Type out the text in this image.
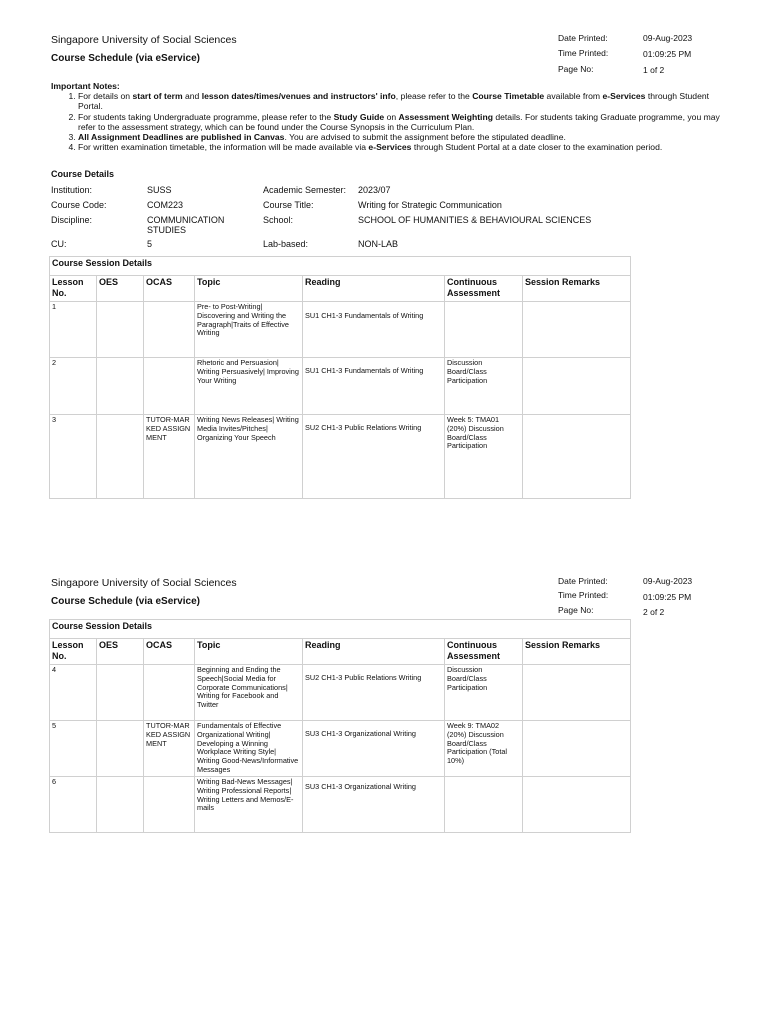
Singapore University of Social Sciences
Course Schedule (via eService)
Date Printed:	09-Aug-2023
Time Printed:	01:09:25 PM
Page No:	1 of 2
Important Notes:
1. For details on start of term and lesson dates/times/venues and instructors' info, please refer to the Course Timetable available from e-Services through Student Portal.
2. For students taking Undergraduate programme, please refer to the Study Guide on Assessment Weighting details. For students taking Graduate programme, you may refer to the assessment strategy, which can be found under the Course Synopsis in the Curriculum Plan.
3. All Assignment Deadlines are published in Canvas. You are advised to submit the assignment before the stipulated deadline.
4. For written examination timetable, the information will be made available via e-Services through Student Portal at a date closer to the examination period.
Course Details
Institution:	SUSS	Academic Semester: 2023/07
Course Code:	COM223	Course Title:	Writing for Strategic Communication
Discipline:	COMMUNICATION STUDIES
School:	SCHOOL OF HUMANITIES & BEHAVIOURAL SCIENCES
CU:	5	Lab-based:	NON-LAB
Course Session Details						
Lesson No.	OES	OCAS	Topic	Reading	Continuous Assessment	Session Remarks
1			Pre- to Post-Writing| Discovering and Writing the Paragraph|Traits of Effective Writing	SU1 CH1-3 Fundamentals of Writing		
2			Rhetoric and Persuasion| Writing Persuasively| Improving Your Writing	SU1 CH1-3 Fundamentals of Writing	Discussion Board/Class Participation	
3		TUTOR-MARKED ASSIGNMENT	Writing News Releases| Writing Media Invites/Pitches| Organizing Your Speech	SU2 CH1-3 Public Relations Writing	Week 5: TMA01 (20%) Discussion Board/Class Participation	
Singapore University of Social Sciences
Course Schedule (via eService)
Date Printed:	09-Aug-2023
Time Printed:	01:09:25 PM
Page No:	2 of 2
Course Session Details						
Lesson No.	OES	OCAS	Topic	Reading	Continuous Assessment	Session Remarks
4			Beginning and Ending the Speech|Social Media for Corporate Communications| Writing for Facebook and Twitter	SU2 CH1-3 Public Relations Writing	Discussion Board/Class Participation	
5		TUTOR-MARKED ASSIGNMENT	Fundamentals of Effective Organizational Writing| Developing a Winning Workplace Writing Style| Writing Good-News/Informative Messages	SU3 CH1-3 Organizational Writing	Week 9: TMA02 (20%) Discussion Board/Class Participation (Total 10%)	
6			Writing Bad-News Messages| Writing Professional Reports| Writing Letters and Memos/E-mails	SU3 CH1-3 Organizational Writing		
